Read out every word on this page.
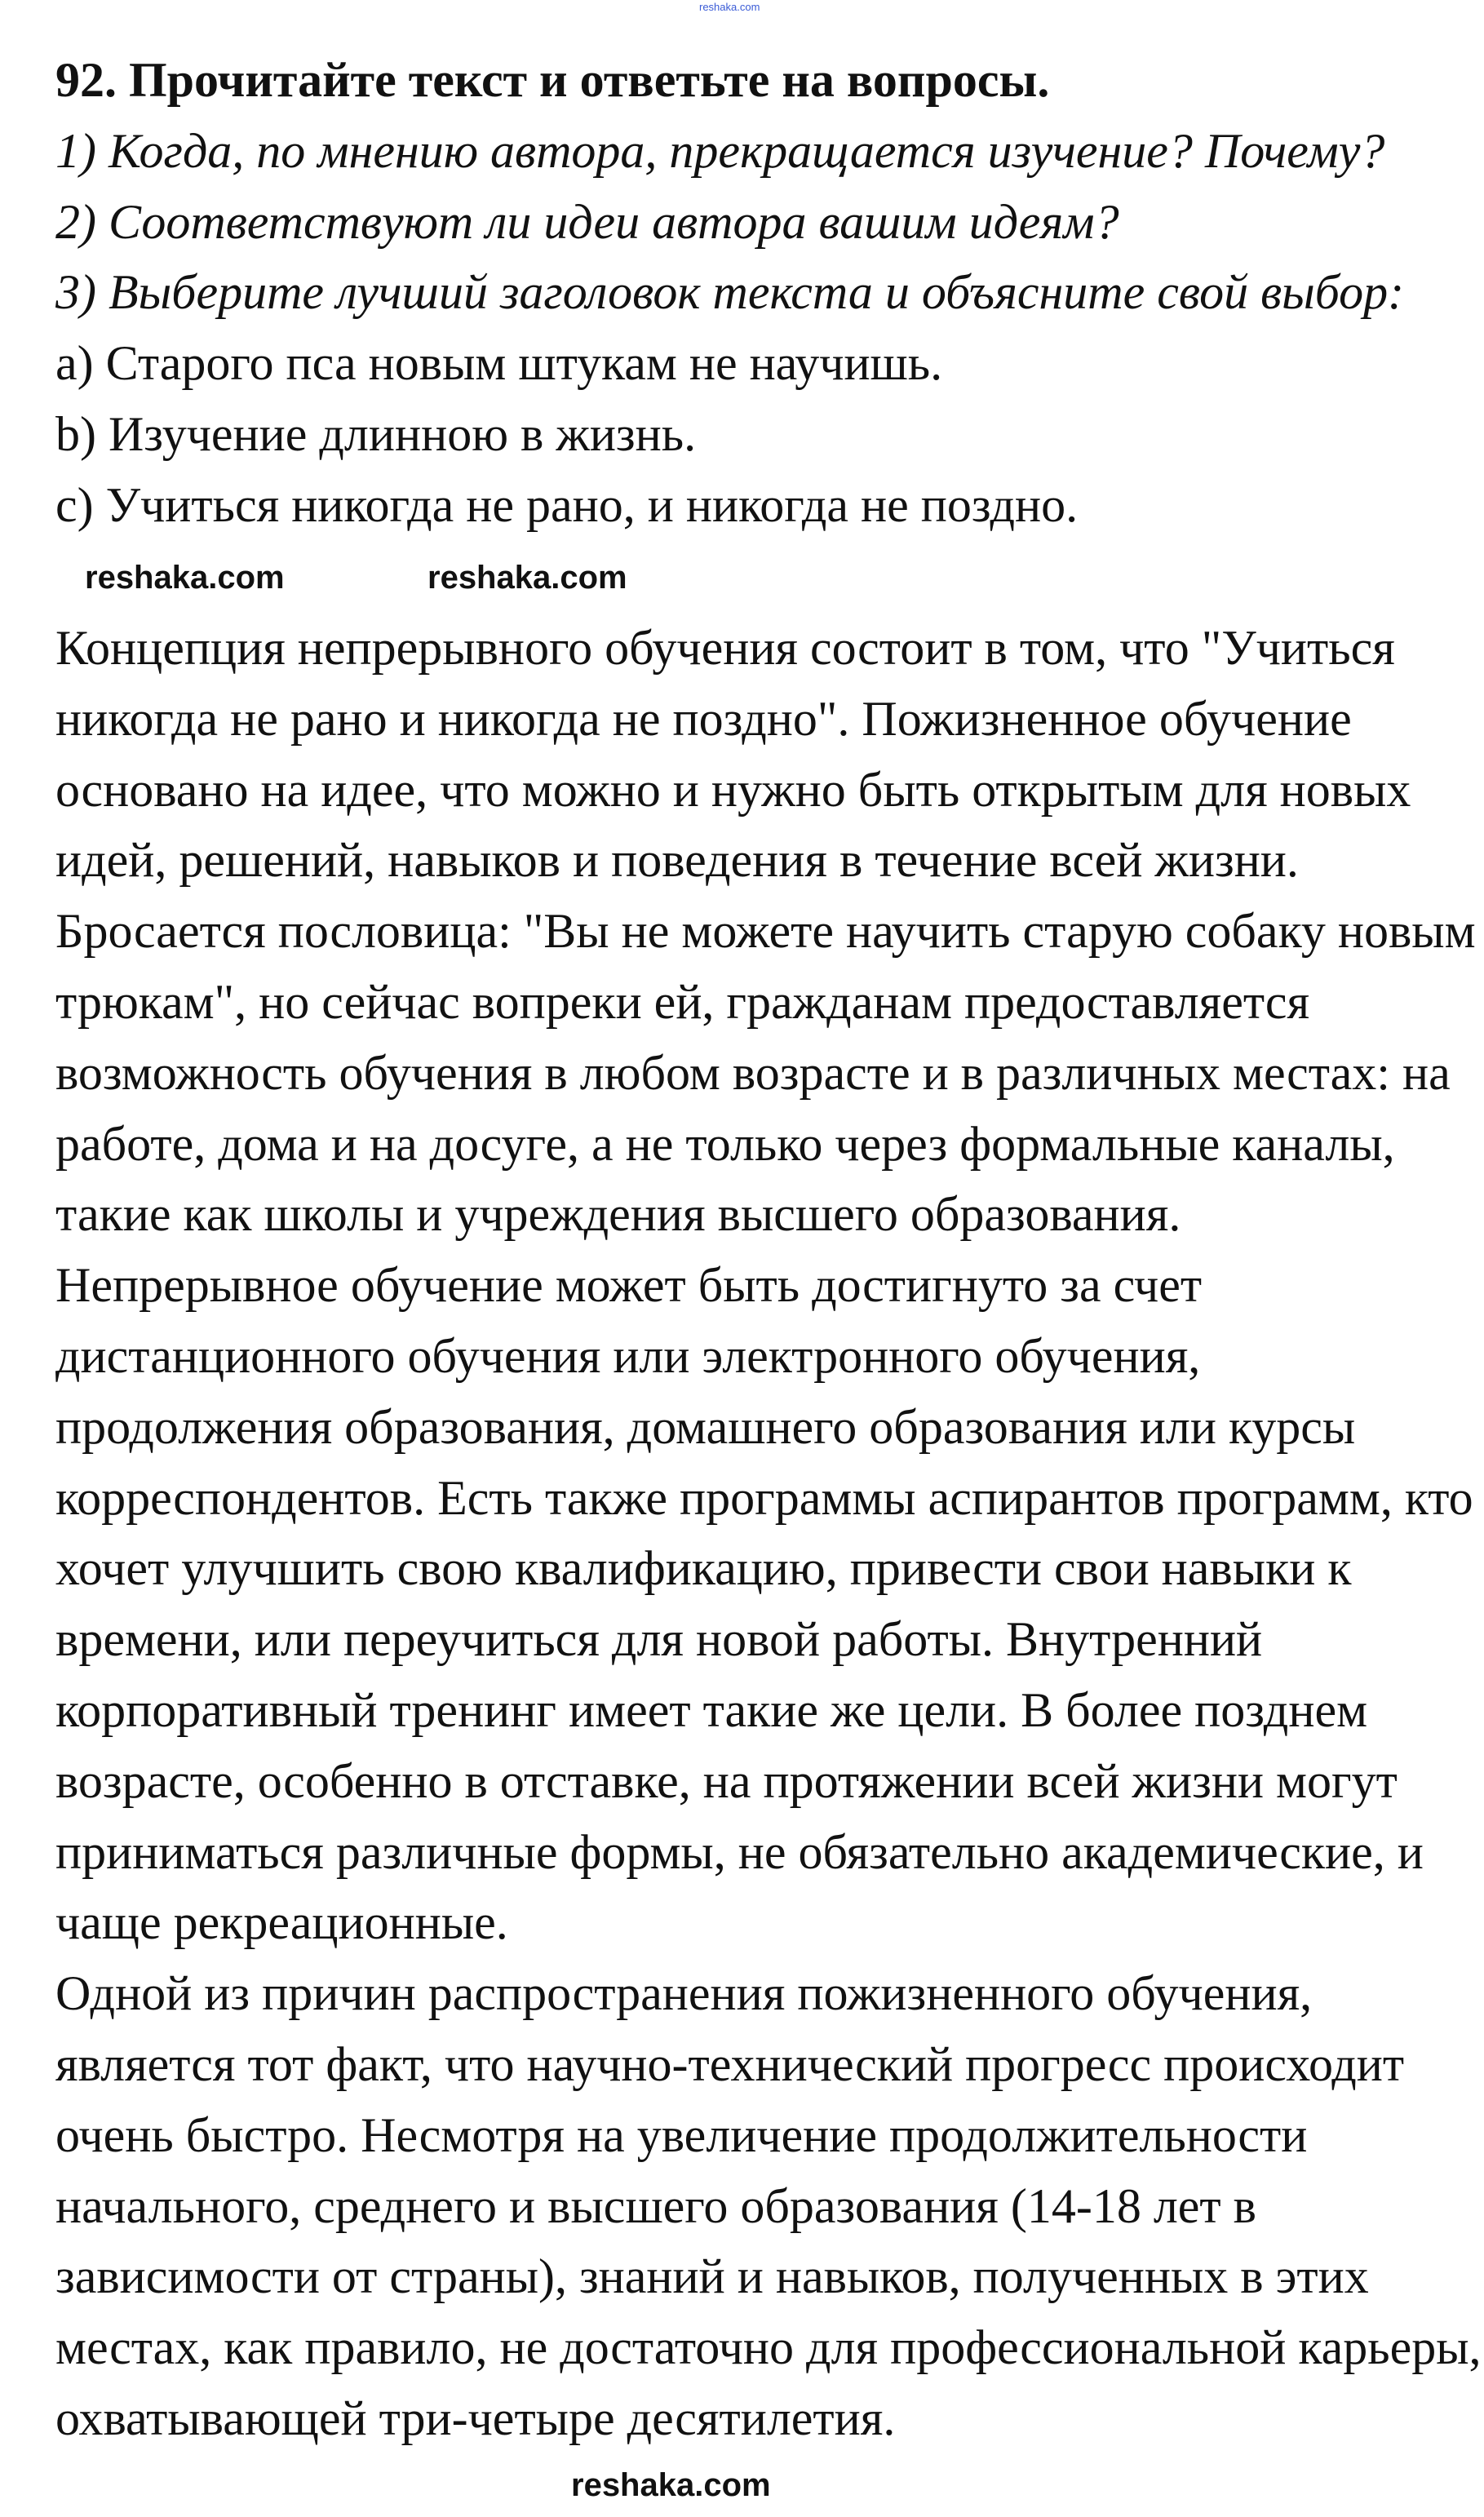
92. Прочитайте текст и ответьте на вопросы.
1) Когда, по мнению автора, прекращается изучение? Почему?
2) Соответствуют ли идеи автора вашим идеям?
3) Выберите лучший заголовок текста и объясните свой выбор:
a) Старого пса новым штукам не научишь.
b) Изучение длинною в жизнь.
c) Учиться никогда не рано, и никогда не поздно.
Концепция непрерывного обучения состоит в том, что "Учиться
никогда не рано и никогда не поздно". Пожизненное обучение
основано на идее, что можно и нужно быть открытым для новых
идей, решений, навыков и поведения в течение всей жизни.
Бросается пословица: "Вы не можете научить старую собаку новым
трюкам", но сейчас вопреки ей, гражданам предоставляется
возможность обучения в любом возрасте и в различных местах: на
работе, дома и на досуге, а не только через формальные каналы,
такие как школы и учреждения высшего образования.
Непрерывное обучение может быть достигнуто за счет
дистанционного обучения или электронного обучения,
продолжения образования, домашнего образования или курсы
корреспондентов. Есть также программы аспирантов программ, кто
хочет улучшить свою квалификацию, привести свои навыки к
времени, или переучиться для новой работы. Внутренний
корпоративный тренинг имеет такие же цели. В более позднем
возрасте, особенно в отставке, на протяжении всей жизни могут
приниматься различные формы, не обязательно академические, и
чаще рекреационные.
Одной из причин распространения пожизненного обучения,
является тот факт, что научно-технический прогресс происходит
очень быстро. Несмотря на увеличение продолжительности
начального, среднего и высшего образования (14-18 лет в
зависимости от страны), знаний и навыков, полученных в этих
местах, как правило, не достаточно для профессиональной карьеры,
охватывающей три-четыре десятилетия.
reshaka.com
reshaka.com	reshaka.com
reshaka.com
